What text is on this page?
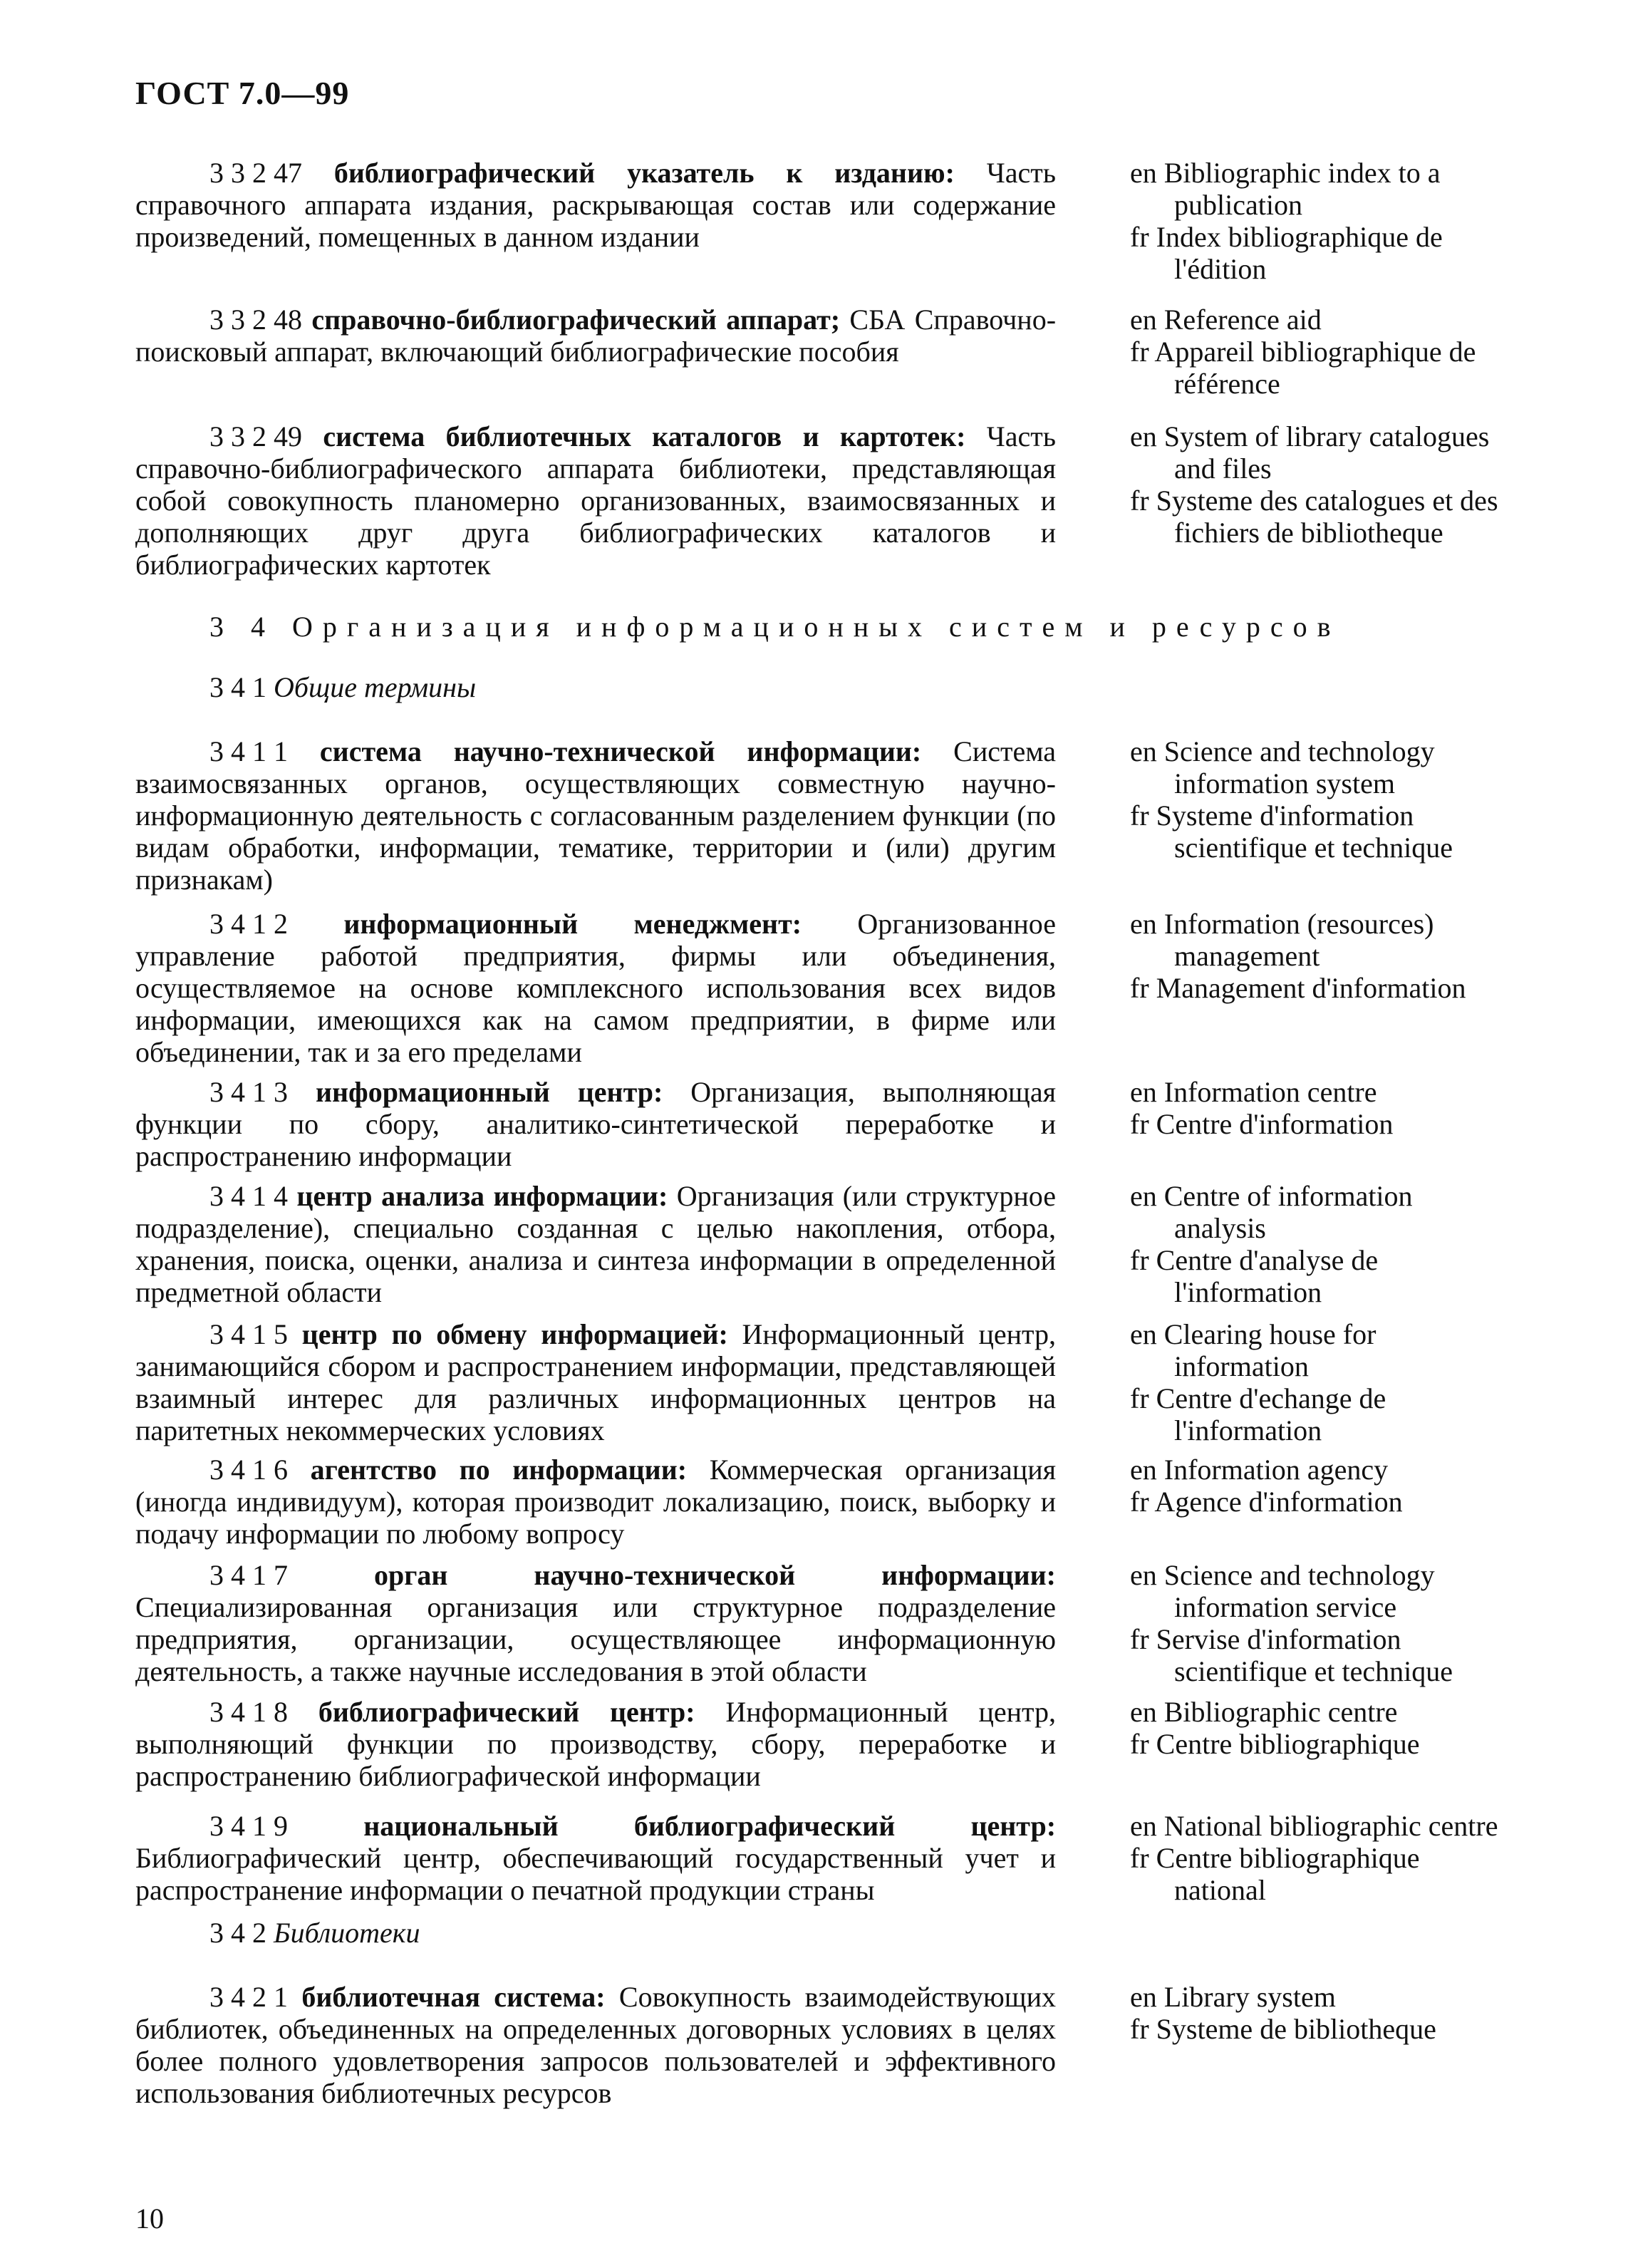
ГОСТ 7.0—99
3 3 2 47 библиографический указатель к изданию: Часть справочного аппарата издания, раскрывающая состав или содержание произведений, помещенных в данном издании
en Bibliographic index to a
publication
fr Index bibliographique de
l'édition
3 3 2 48 справочно-библиографический аппарат; СБА Справочно-поисковый аппарат, включающий библиографические пособия
en Reference aid
fr Appareil bibliographique de
référence
3 3 2 49 система библиотечных каталогов и картотек: Часть справочно-библиографического аппарата библиотеки, представляющая собой совокупность планомерно организованных, взаимосвязанных и дополняющих друг друга библиографических каталогов и библиографических картотек
en System of library catalogues
and files
fr Systeme des catalogues et des
fichiers de bibliotheque
3 4 Организация информационных систем и ресурсов
3 4 1 Общие термины
3 4 1 1 система научно-технической информации: Система взаимосвязанных органов, осуществляющих совместную научно-информационную деятельность с согласованным разделением функции (по видам обработки, информации, тематике, территории и (или) другим признакам)
en Science and technology
information system
fr Systeme d'information
scientifique et technique
3 4 1 2 информационный менеджмент: Организованное управление работой предприятия, фирмы или объединения, осуществляемое на основе комплексного использования всех видов информации, имеющихся как на самом предприятии, в фирме или объединении, так и за его пределами
en Information (resources)
management
fr Management d'information
3 4 1 3 информационный центр: Организация, выполняющая функции по сбору, аналитико-синтетической переработке и распространению информации
en Information centre
fr Centre d'information
3 4 1 4 центр анализа информации: Организация (или структурное подразделение), специально созданная с целью накопления, отбора, хранения, поиска, оценки, анализа и синтеза информации в определенной предметной области
en Centre of information
analysis
fr Centre d'analyse de
l'information
3 4 1 5 центр по обмену информацией: Информационный центр, занимающийся сбором и распространением информации, представляющей взаимный интерес для различных информационных центров на паритетных некоммерческих условиях
en Clearing house for
information
fr Centre d'echange de
l'information
3 4 1 6 агентство по информации: Коммерческая организация (иногда индивидуум), которая производит локализацию, поиск, выборку и подачу информации по любому вопросу
en Information agency
fr Agence d'information
3 4 1 7	орган научно-технической информации: Специализированная организация или структурное подразделение предприятия, организации, осуществляющее информационную деятельность, а также научные исследования в этой области
en Science and technology
information service
fr Servise d'information
scientifique et technique
3 4 1 8 библиографический центр: Информационный центр, выполняющий функции по производству, сбору, переработке и распространению библиографической информации
en Bibliographic centre
fr Centre bibliographique
3 4 1 9	национальный библиографический центр: Библиографический центр, обеспечивающий государственный учет и распространение информации о печатной продукции страны
en National bibliographic centre
fr Centre bibliographique
national
3 4 2 Библиотеки
3 4 2 1 библиотечная система: Совокупность взаимодействующих библиотек, объединенных на определенных договорных условиях в целях более полного удовлетворения запросов пользователей и эффективного использования библиотечных ресурсов
en Library system
fr Systeme de bibliotheque
10
